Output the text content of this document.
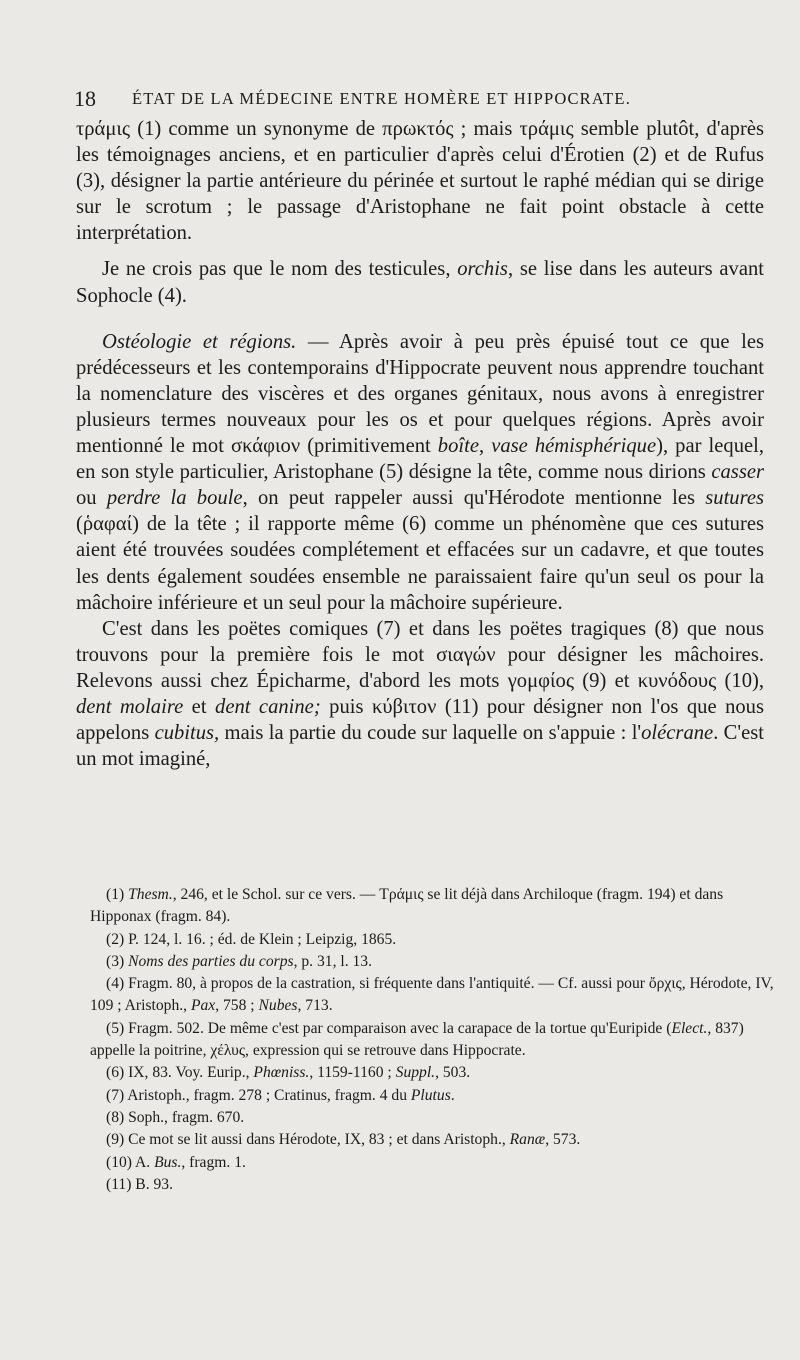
18 ÉTAT DE LA MÉDECINE ENTRE HOMÈRE ET HIPPOCRATE.

τράμις (1) comme un synonyme de πρωκτός ; mais τράμις semble plutôt, d'après les témoignages anciens, et en particulier d'après celui d'Érotien (2) et de Rufus (3), désigner la partie antérieure du périnée et surtout le raphé médian qui se dirige sur le scrotum ; le passage d'Aristophane ne fait point obstacle à cette interprétation.

Je ne crois pas que le nom des testicules, orchis, se lise dans les auteurs avant Sophocle (4).

Ostéologie et régions. — Après avoir à peu près épuisé tout ce que les prédécesseurs et les contemporains d'Hippocrate peuvent nous apprendre touchant la nomenclature des viscères et des organes génitaux, nous avons à enregistrer plusieurs termes nouveaux pour les os et pour quelques régions. Après avoir mentionné le mot σκάφιον (primitivement boîte, vase hémisphérique), par lequel, en son style particulier, Aristophane (5) désigne la tête, comme nous dirions casser ou perdre la boule, on peut rappeler aussi qu'Hérodote mentionne les sutures (ῥαφαί) de la tête ; il rapporte même (6) comme un phénomène que ces sutures aient été trouvées soudées complétement et effacées sur un cadavre, et que toutes les dents également soudées ensemble ne paraissaient faire qu'un seul os pour la mâchoire inférieure et un seul pour la mâchoire supérieure.

C'est dans les poëtes comiques (7) et dans les poëtes tragiques (8) que nous trouvons pour la première fois le mot σιαγών pour désigner les mâchoires. Relevons aussi chez Épicharme, d'abord les mots γομφίος (9) et κυνόδους (10), dent molaire et dent canine; puis κύβιτον (11) pour désigner non l'os que nous appelons cubitus, mais la partie du coude sur laquelle on s'appuie : l'olécrane. C'est un mot imaginé,

(1) Thesm., 246, et le Schol. sur ce vers. — Τράμις se lit déjà dans Archiloque (fragm. 194) et dans Hipponax (fragm. 84).

(2) P. 124, l. 16. ; éd. de Klein ; Leipzig, 1865.

(3) Noms des parties du corps, p. 31, l. 13.

(4) Fragm. 80, à propos de la castration, si fréquente dans l'antiquité. — Cf. aussi pour ὄρχις, Hérodote, IV, 109 ; Aristoph., Pax, 758 ; Nubes, 713.

(5) Fragm. 502. De même c'est par comparaison avec la carapace de la tortue qu'Euripide (Elect., 837) appelle la poitrine, χέλυς, expression qui se retrouve dans Hippocrate.

(6) IX, 83. Voy. Eurip., Phœniss., 1159-1160 ; Suppl., 503.

(7) Aristoph., fragm. 278 ; Cratinus, fragm. 4 du Plutus.

(8) Soph., fragm. 670.

(9) Ce mot se lit aussi dans Hérodote, IX, 83 ; et dans Aristoph., Ranæ, 573.

(10) A. Bus., fragm. 1.

(11) B. 93.
